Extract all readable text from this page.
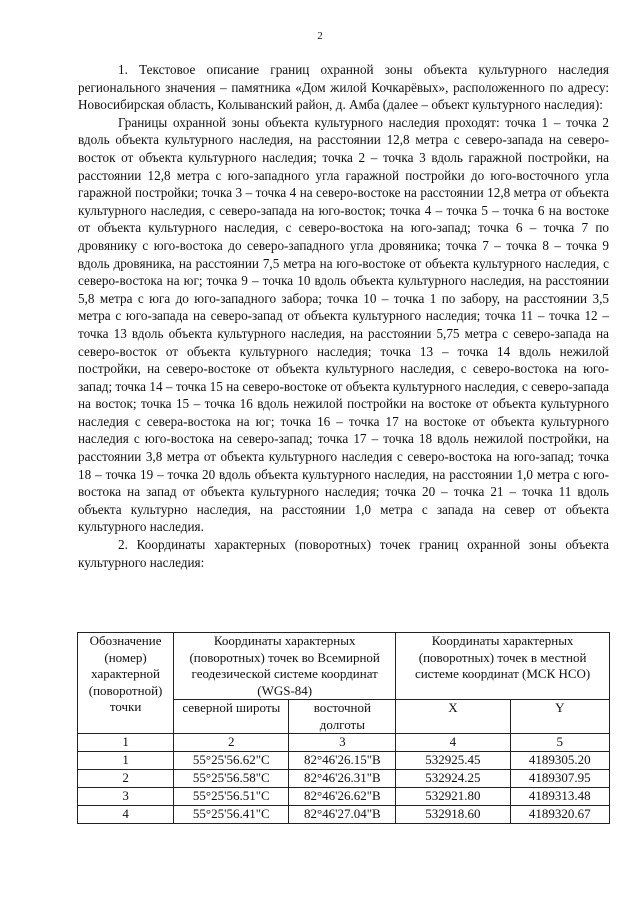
2

1. Текстовое описание границ охранной зоны объекта культурного наследия регионального значения – памятника «Дом жилой Кочкарёвых», расположенного по адресу: Новосибирская область, Колыванский район, д. Амба (далее – объект культурного наследия):

Границы охранной зоны объекта культурного наследия проходят: точка 1 – точка 2 вдоль объекта культурного наследия, на расстоянии 12,8 метра с северо-запада на северо-восток от объекта культурного наследия; точка 2 – точка 3 вдоль гаражной постройки, на расстоянии 12,8 метра с юго-западного угла гаражной постройки до юго-восточного угла гаражной постройки; точка 3 – точка 4 на северо-востоке на расстоянии 12,8 метра от объекта культурного наследия, с северо-запада на юго-восток; точка 4 – точка 5 – точка 6 на востоке от объекта культурного наследия, с северо-востока на юго-запад; точка 6 – точка 7 по дровянику с юго-востока до северо-западного угла дровяника; точка 7 – точка 8 – точка 9 вдоль дровяника, на расстоянии 7,5 метра на юго-востоке от объекта культурного наследия, с северо-востока на юг; точка 9 – точка 10 вдоль объекта культурного наследия, на расстоянии 5,8 метра с юга до юго-западного забора; точка 10 – точка 1 по забору, на расстоянии 3,5 метра с юго-запада на северо-запад от объекта культурного наследия; точка 11 – точка 12 – точка 13 вдоль объекта культурного наследия, на расстоянии 5,75 метра с северо-запада на северо-восток от объекта культурного наследия; точка 13 – точка 14 вдоль нежилой постройки, на северо-востоке от объекта культурного наследия, с северо-востока на юго-запад; точка 14 – точка 15 на северо-востоке от объекта культурного наследия, с северо-запада на восток; точка 15 – точка 16 вдоль нежилой постройки на востоке от объекта культурного наследия с севера-востока на юг; точка 16 – точка 17 на востоке от объекта культурного наследия с юго-востока на северо-запад; точка 17 – точка 18 вдоль нежилой постройки, на расстоянии 3,8 метра от объекта культурного наследия с северо-востока на юго-запад; точка 18 – точка 19 – точка 20 вдоль объекта культурного наследия, на расстоянии 1,0 метра с юго-востока на запад от объекта культурного наследия; точка 20 – точка 21 – точка 11 вдоль объекта культурно наследия, на расстоянии 1,0 метра с запада на север от объекта культурного наследия.

2. Координаты характерных (поворотных) точек границ охранной зоны объекта культурного наследия:

Обозначение (номер) характерной (поворотной) точки	Координаты характерных (поворотных) точек во Всемирной геодезической системе координат (WGS-84)		Координаты характерных (поворотных) точек в местной системе координат (МСК НСО)	
	северной широты	восточной долготы	X	Y
1	2	3	4	5
1	55°25'56.62"С	82°46'26.15"В	532925.45	4189305.20
2	55°25'56.58"С	82°46'26.31"В	532924.25	4189307.95
3	55°25'56.51"С	82°46'26.62"В	532921.80	4189313.48
4	55°25'56.41"С	82°46'27.04"В	532918.60	4189320.67
